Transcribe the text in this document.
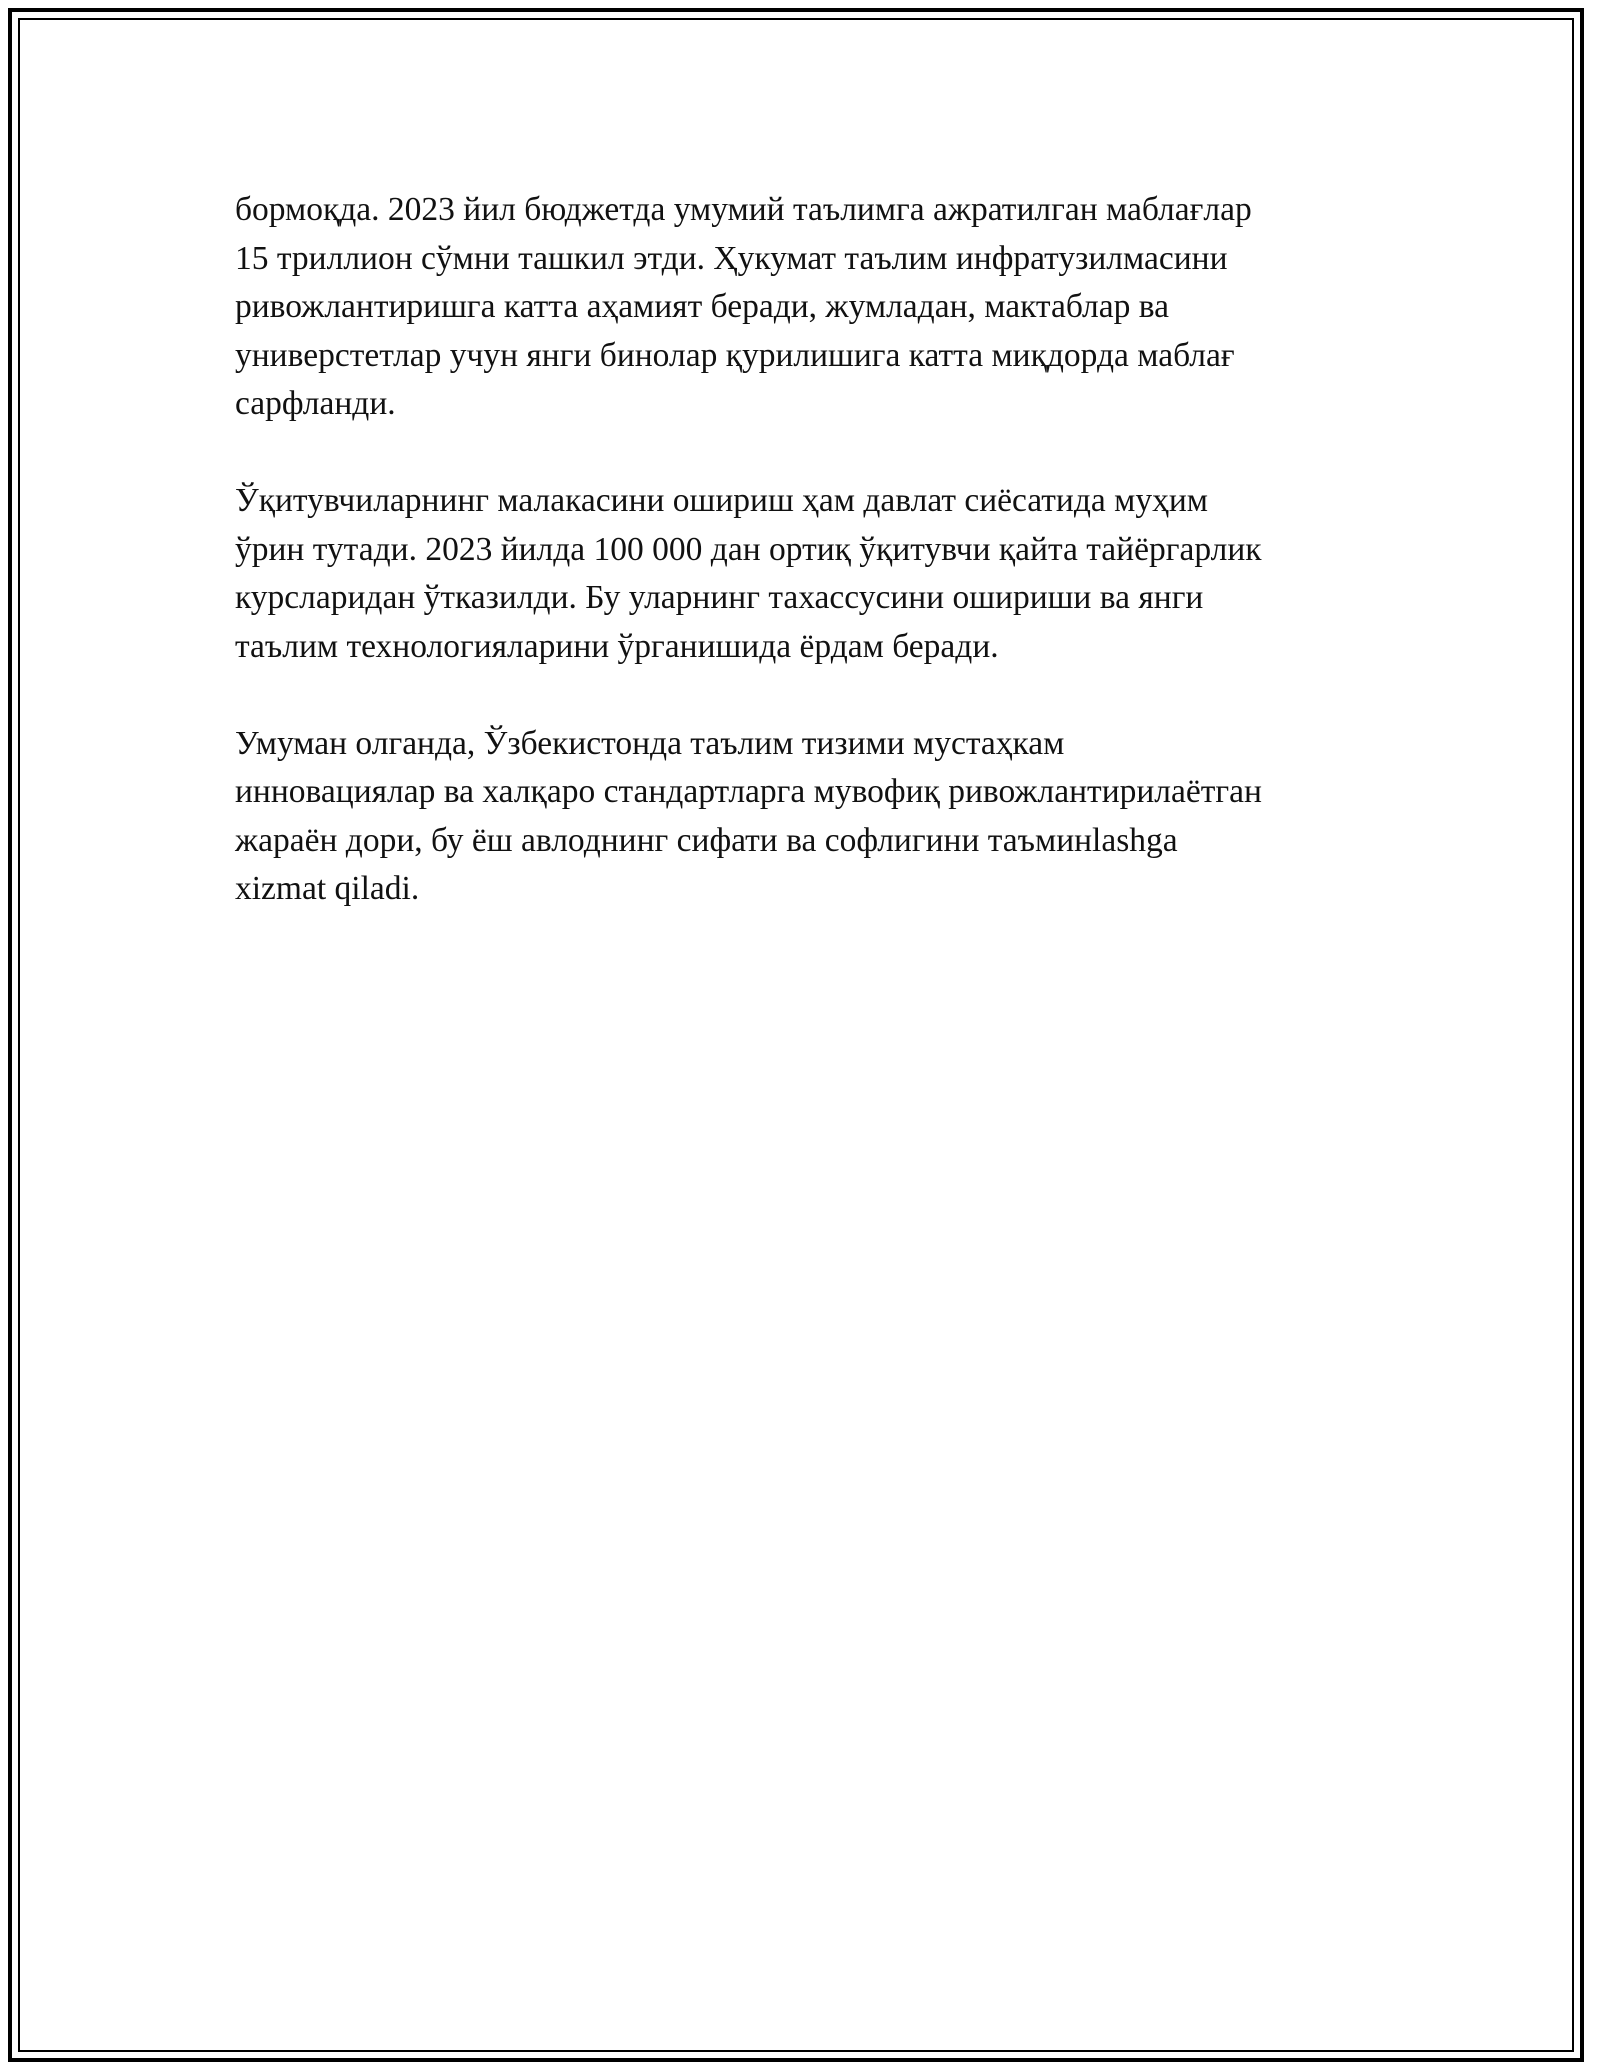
бормоқда. 2023 йил бюджетда умумий таълимга ажратилган маблағлар
15 триллион сўмни ташкил этди. Ҳукумат таълим инфратузилмасини
ривожлантиришга катта аҳамият беради, жумладан, мактаблар ва
универстетлар учун янги бинолар қурилишига катта миқдорда маблағ
сарфланди.

Ўқитувчиларнинг малакасини ошириш ҳам давлат сиёсатида муҳим
ўрин тутади. 2023 йилда 100 000 дан ортиқ ўқитувчи қайта тайёргарлик
курсларидан ўтказилди. Бу уларнинг тахассусини ошириши ва янги
таълим технологияларини ўрганишида ёрдам беради.

Умуман олганда, Ўзбекистонда таълим тизими мустаҳкам
инновациялар ва халқаро стандартларга мувофиқ ривожлантирилаётган
жараён дори, бу ёш авлоднинг сифати ва софлигини таъминlashga
xizmat qiladi.
